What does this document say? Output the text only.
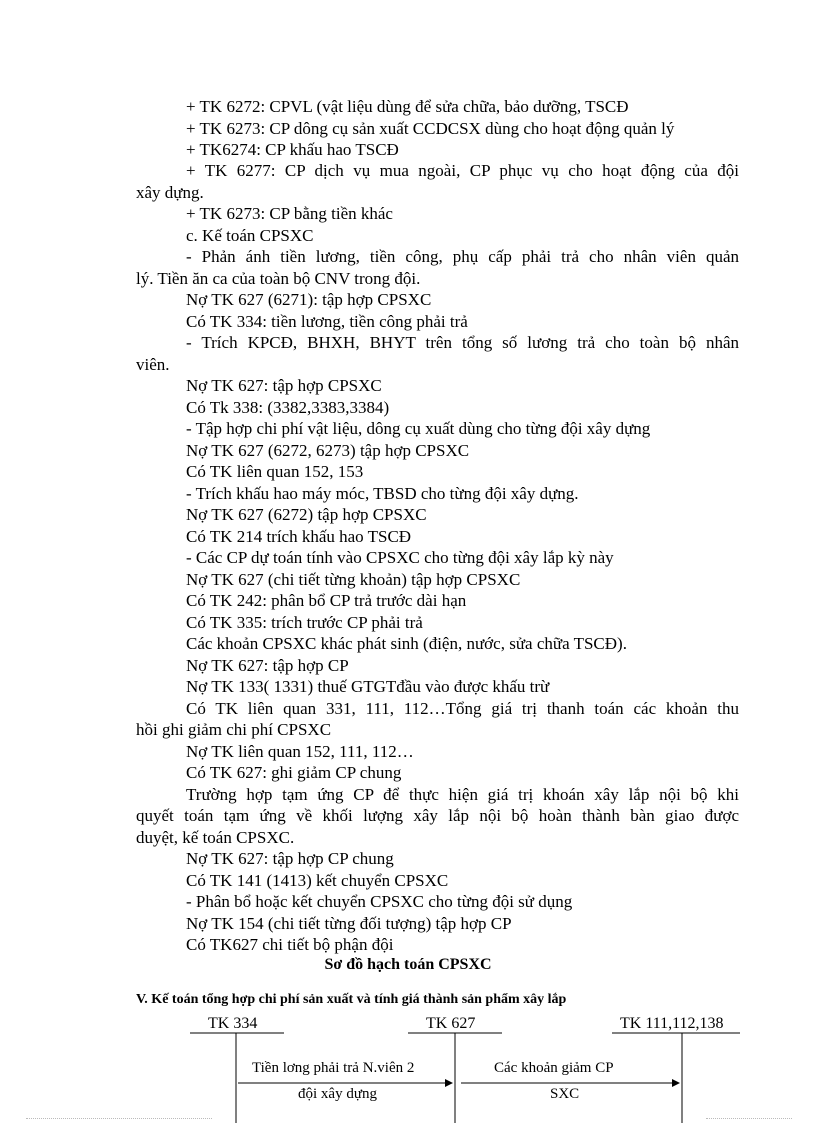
+ TK 6272: CPVL (vật liệu dùng để sửa chữa, bảo dưỡng, TSCĐ
+ TK 6273: CP dông cụ sản xuất CCDCSX dùng cho hoạt động quản lý
+ TK6274: CP khấu hao TSCĐ
+ TK 6277: CP dịch vụ mua ngoài, CP phục vụ cho hoạt động của đội
xây dựng.
+ TK 6273: CP bằng tiền khác
c. Kế toán CPSXC
- Phản ánh tiền lương, tiền công, phụ cấp phải trả cho nhân viên quản
lý. Tiền ăn ca của toàn bộ CNV trong đội.
Nợ TK 627 (6271): tập hợp CPSXC
Có TK 334: tiền lương, tiền công phải trả
- Trích KPCĐ, BHXH, BHYT trên tổng số lương trả cho toàn bộ nhân
viên.
Nợ TK 627: tập hợp CPSXC
Có Tk 338: (3382,3383,3384)
- Tập hợp chi phí vật liệu, dông cụ xuất dùng cho từng đội xây dựng
Nợ TK 627 (6272, 6273) tập hợp CPSXC
Có TK liên quan 152, 153
- Trích khấu hao máy móc, TBSD cho từng đội xây dựng.
Nợ TK 627 (6272) tập hợp CPSXC
Có TK 214 trích khấu hao TSCĐ
- Các CP dự toán tính vào CPSXC cho từng đội xây lắp kỳ này
Nợ TK 627 (chi tiết từng khoản) tập hợp CPSXC
Có TK 242: phân bổ CP trả trước dài hạn
Có TK 335: trích trước CP phải trả
Các khoản CPSXC khác phát sinh (điện, nước, sửa chữa TSCĐ).
Nợ TK 627: tập hợp CP
Nợ TK 133( 1331) thuế GTGTđầu vào được khấu trừ
Có TK liên quan 331, 111, 112…Tổng giá trị thanh toán các khoản thu
hồi ghi giảm chi phí CPSXC
Nợ TK liên quan 152, 111, 112…
Có TK 627: ghi giảm CP chung
Trường hợp tạm ứng CP để thực hiện giá trị khoán xây lắp nội bộ khi
quyết toán tạm ứng về khối lượng xây lắp nội bộ hoàn thành bàn giao được
duyệt, kế toán CPSXC.
Nợ TK 627: tập hợp CP chung
Có TK 141 (1413) kết chuyển CPSXC
- Phân bổ hoặc kết chuyển CPSXC cho từng đội sử dụng
Nợ TK 154 (chi tiết từng đối tượng) tập hợp CP
Có TK627 chi tiết bộ phận đội
Sơ đồ hạch toán CPSXC
V. Kế toán tổng hợp chi phí sản xuất và tính giá thành sản phẩm xây lắp
TK 334	TK 627	TK 111,112,138
Tiền lơng phải trả N.viên 2
đội xây dựng
Các khoản giảm CP
SXC
